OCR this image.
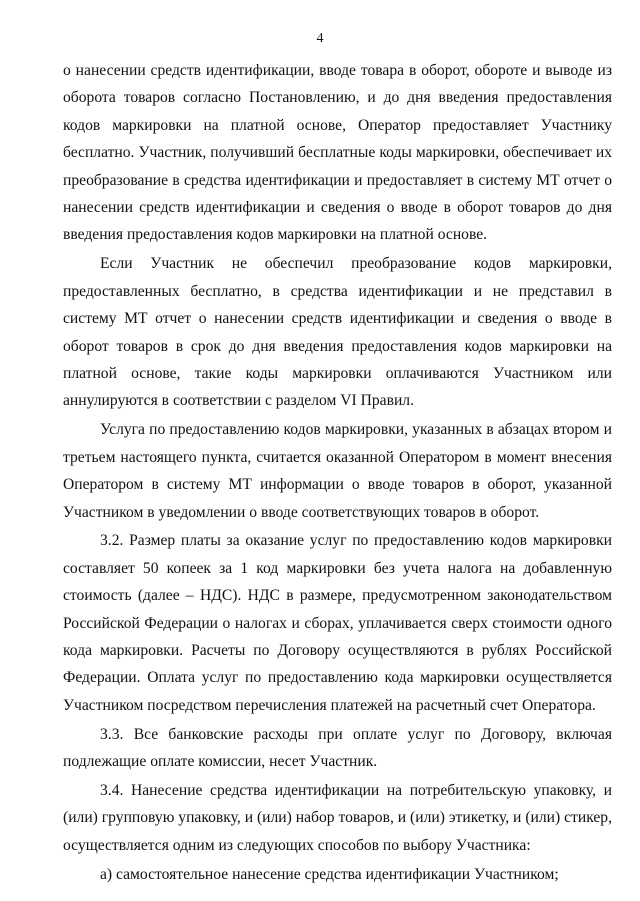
4

о нанесении средств идентификации, вводе товара в оборот, обороте и выводе из оборота товаров согласно Постановлению, и до дня введения предоставления кодов маркировки на платной основе, Оператор предоставляет Участнику бесплатно. Участник, получивший бесплатные коды маркировки, обеспечивает их преобразование в средства идентификации и предоставляет в систему МТ отчет о нанесении средств идентификации и сведения о вводе в оборот товаров до дня введения предоставления кодов маркировки на платной основе.

Если Участник не обеспечил преобразование кодов маркировки, предоставленных бесплатно, в средства идентификации и не представил в систему МТ отчет о нанесении средств идентификации и сведения о вводе в оборот товаров в срок до дня введения предоставления кодов маркировки на платной основе, такие коды маркировки оплачиваются Участником или аннулируются в соответствии с разделом VI Правил.

Услуга по предоставлению кодов маркировки, указанных в абзацах втором и третьем настоящего пункта, считается оказанной Оператором в момент внесения Оператором в систему МТ информации о вводе товаров в оборот, указанной Участником в уведомлении о вводе соответствующих товаров в оборот.

3.2. Размер платы за оказание услуг по предоставлению кодов маркировки составляет 50 копеек за 1 код маркировки без учета налога на добавленную стоимость (далее – НДС). НДС в размере, предусмотренном законодательством Российской Федерации о налогах и сборах, уплачивается сверх стоимости одного кода маркировки. Расчеты по Договору осуществляются в рублях Российской Федерации. Оплата услуг по предоставлению кода маркировки осуществляется Участником посредством перечисления платежей на расчетный счет Оператора.

3.3. Все банковские расходы при оплате услуг по Договору, включая подлежащие оплате комиссии, несет Участник.

3.4. Нанесение средства идентификации на потребительскую упаковку, и (или) групповую упаковку, и (или) набор товаров, и (или) этикетку, и (или) стикер, осуществляется одним из следующих способов по выбору Участника:

а) самостоятельное нанесение средства идентификации Участником;
